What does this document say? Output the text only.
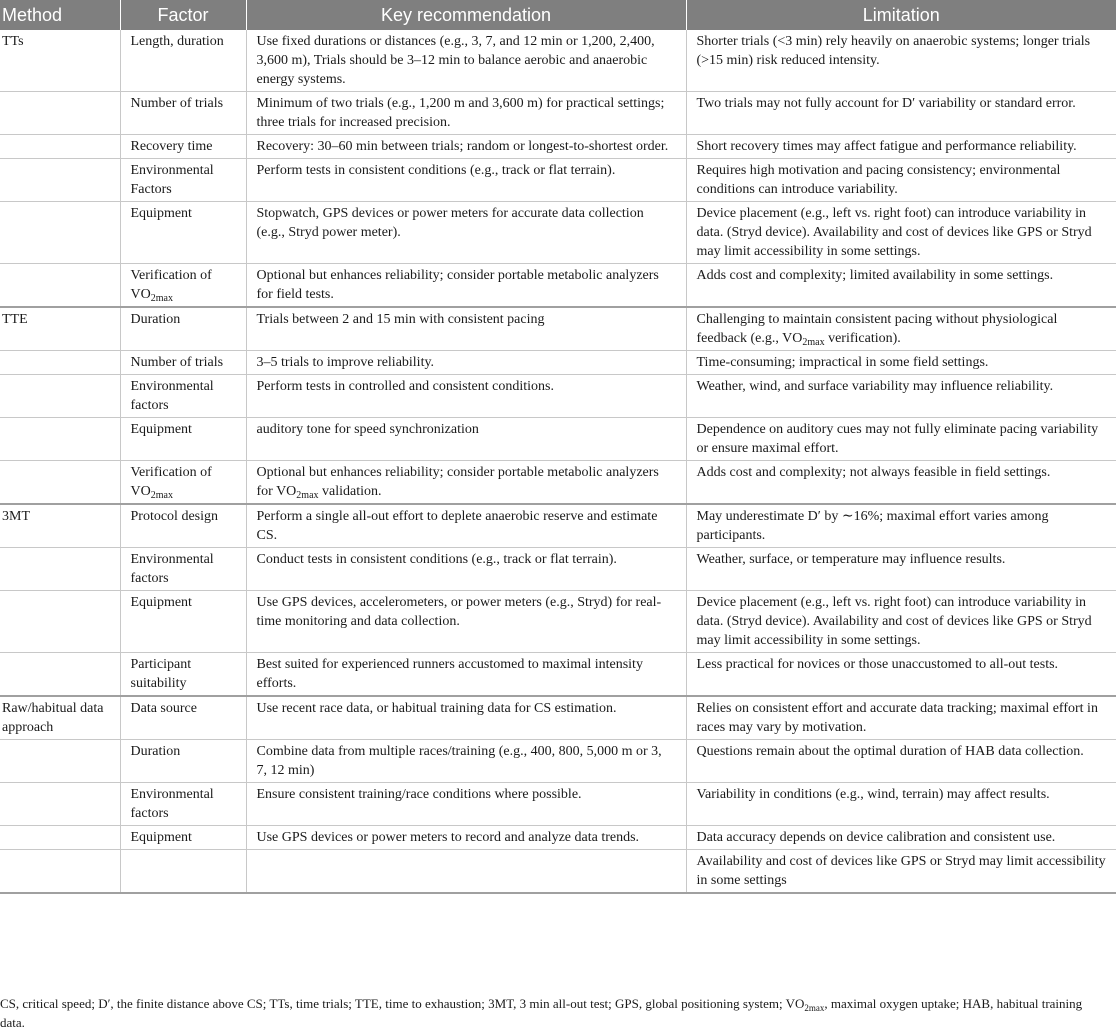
Method	Factor	Key recommendation	Limitation
TTs	Length, duration	Use fixed durations or distances (e.g., 3, 7, and 12 min or 1,200, 2,400, 3,600 m), Trials should be 3–12 min to balance aerobic and anaerobic energy systems.	Shorter trials (<3 min) rely heavily on anaerobic systems; longer trials (>15 min) risk reduced intensity.
	Number of trials	Minimum of two trials (e.g., 1,200 m and 3,600 m) for practical settings; three trials for increased precision.	Two trials may not fully account for D′ variability or standard error.
	Recovery time	Recovery: 30–60 min between trials; random or longest-to-shortest order.	Short recovery times may affect fatigue and performance reliability.
	Environmental Factors	Perform tests in consistent conditions (e.g., track or flat terrain).	Requires high motivation and pacing consistency; environmental conditions can introduce variability.
	Equipment	Stopwatch, GPS devices or power meters for accurate data collection (e.g., Stryd power meter).	Device placement (e.g., left vs. right foot) can introduce variability in data. (Stryd device). Availability and cost of devices like GPS or Stryd may limit accessibility in some settings.
	Verification of $VO_{2max}$	Optional but enhances reliability; consider portable metabolic analyzers for field tests.	Adds cost and complexity; limited availability in some settings.
TTE	Duration	Trials between 2 and 15 min with consistent pacing	Challenging to maintain consistent pacing without physiological feedback (e.g., $VO_{2max}$ verification).
	Number of trials	3–5 trials to improve reliability.	Time-consuming; impractical in some field settings.
	Environmental factors	Perform tests in controlled and consistent conditions.	Weather, wind, and surface variability may influence reliability.
	Equipment	auditory tone for speed synchronization	Dependence on auditory cues may not fully eliminate pacing variability or ensure maximal effort.
	Verification of $VO_{2max}$	Optional but enhances reliability; consider portable metabolic analyzers for $VO_{2max}$ validation.	Adds cost and complexity; not always feasible in field settings.
3MT	Protocol design	Perform a single all-out effort to deplete anaerobic reserve and estimate CS.	May underestimate D′ by ∼16%; maximal effort varies among participants.
	Environmental factors	Conduct tests in consistent conditions (e.g., track or flat terrain).	Weather, surface, or temperature may influence results.
	Equipment	Use GPS devices, accelerometers, or power meters (e.g., Stryd) for real-time monitoring and data collection.	Device placement (e.g., left vs. right foot) can introduce variability in data. (Stryd device). Availability and cost of devices like GPS or Stryd may limit accessibility in some settings.
	Participant suitability	Best suited for experienced runners accustomed to maximal intensity efforts.	Less practical for novices or those unaccustomed to all-out tests.
Raw/habitual data approach	Data source	Use recent race data, or habitual training data for CS estimation.	Relies on consistent effort and accurate data tracking; maximal effort in races may vary by motivation.
	Duration	Combine data from multiple races/training (e.g., 400, 800, 5,000 m or 3, 7, 12 min)	Questions remain about the optimal duration of HAB data collection.
	Environmental factors	Ensure consistent training/race conditions where possible.	Variability in conditions (e.g., wind, terrain) may affect results.
	Equipment	Use GPS devices or power meters to record and analyze data trends.	Data accuracy depends on device calibration and consistent use.
			Availability and cost of devices like GPS or Stryd may limit accessibility in some settings
CS, critical speed; D′, the finite distance above CS; TTs, time trials; TTE, time to exhaustion; 3MT, 3 min all-out test; GPS, global positioning system; $VO_{2max}$, maximal oxygen uptake; HAB, habitual training data.
